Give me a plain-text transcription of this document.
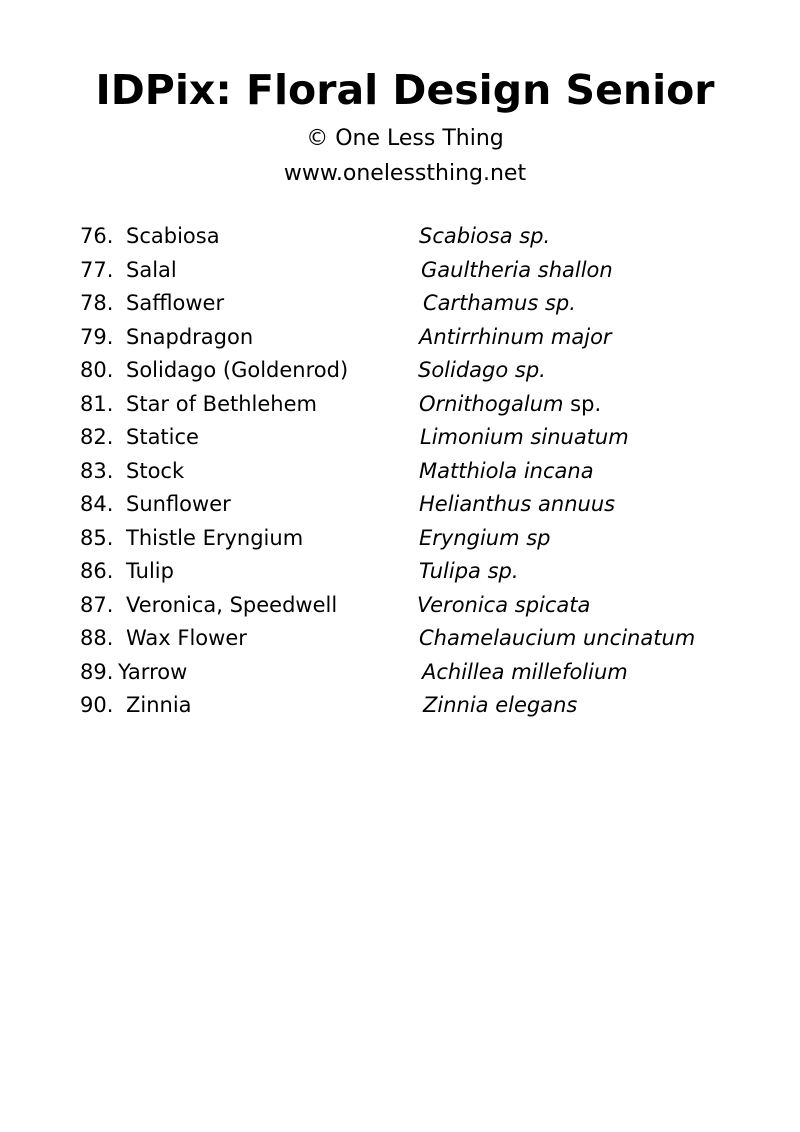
IDPix: Floral Design Senior
© One Less Thing
www.onelessthing.net
76. Scabiosa	Scabiosa sp.
77. Salal	Gaultheria shallon
78. Safflower	Carthamus sp.
79. Snapdragon	Antirrhinum major
80. Solidago (Goldenrod)	Solidago sp.
81. Star of Bethlehem	Ornithogalum sp.
82. Statice	Limonium sinuatum
83. Stock	Matthiola incana
84. Sunflower	Helianthus annuus
85. Thistle Eryngium	Eryngium sp
86. Tulip	Tulipa sp.
87. Veronica, Speedwell	Veronica spicata
88. Wax Flower	Chamelaucium uncinatum
89. Yarrow	Achillea millefolium
90. Zinnia	Zinnia elegans
